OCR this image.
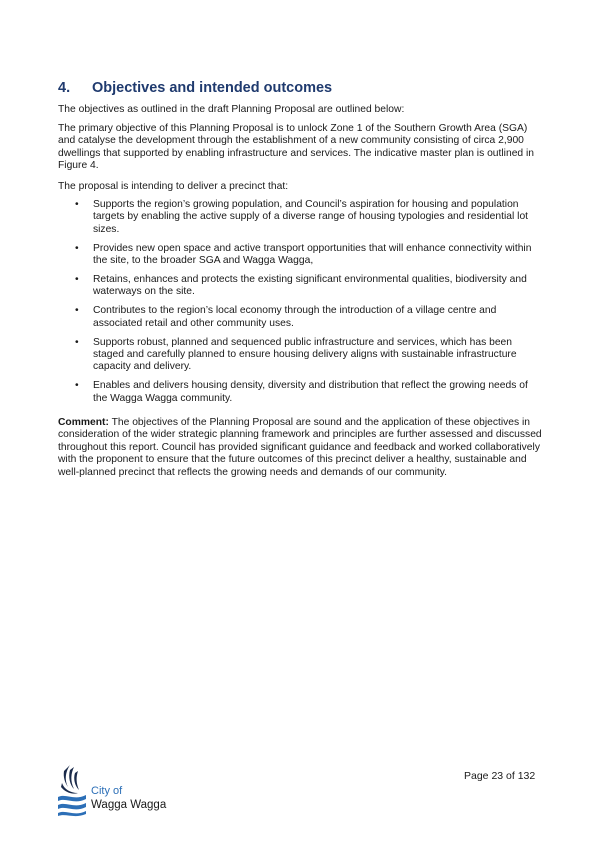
4. Objectives and intended outcomes
The objectives as outlined in the draft Planning Proposal are outlined below:
The primary objective of this Planning Proposal is to unlock Zone 1 of the Southern Growth Area (SGA) and catalyse the development through the establishment of a new community consisting of circa 2,900 dwellings that supported by enabling infrastructure and services. The indicative master plan is outlined in Figure 4.
The proposal is intending to deliver a precinct that:
• Supports the region’s growing population, and Council’s aspiration for housing and population targets by enabling the active supply of a diverse range of housing typologies and residential lot sizes.
• Provides new open space and active transport opportunities that will enhance connectivity within the site, to the broader SGA and Wagga Wagga,
• Retains, enhances and protects the existing significant environmental qualities, biodiversity and waterways on the site.
• Contributes to the region’s local economy through the introduction of a village centre and associated retail and other community uses.
• Supports robust, planned and sequenced public infrastructure and services, which has been staged and carefully planned to ensure housing delivery aligns with sustainable infrastructure capacity and delivery.
• Enables and delivers housing density, diversity and distribution that reflect the growing needs of the Wagga Wagga community.
Comment: The objectives of the Planning Proposal are sound and the application of these objectives in consideration of the wider strategic planning framework and principles are further assessed and discussed throughout this report. Council has provided significant guidance and feedback and worked collaboratively with the proponent to ensure that the future outcomes of this precinct deliver a healthy, sustainable and well-planned precinct that reflects the growing needs and demands of our community.
City of
Wagga Wagga
Page 23 of 132
